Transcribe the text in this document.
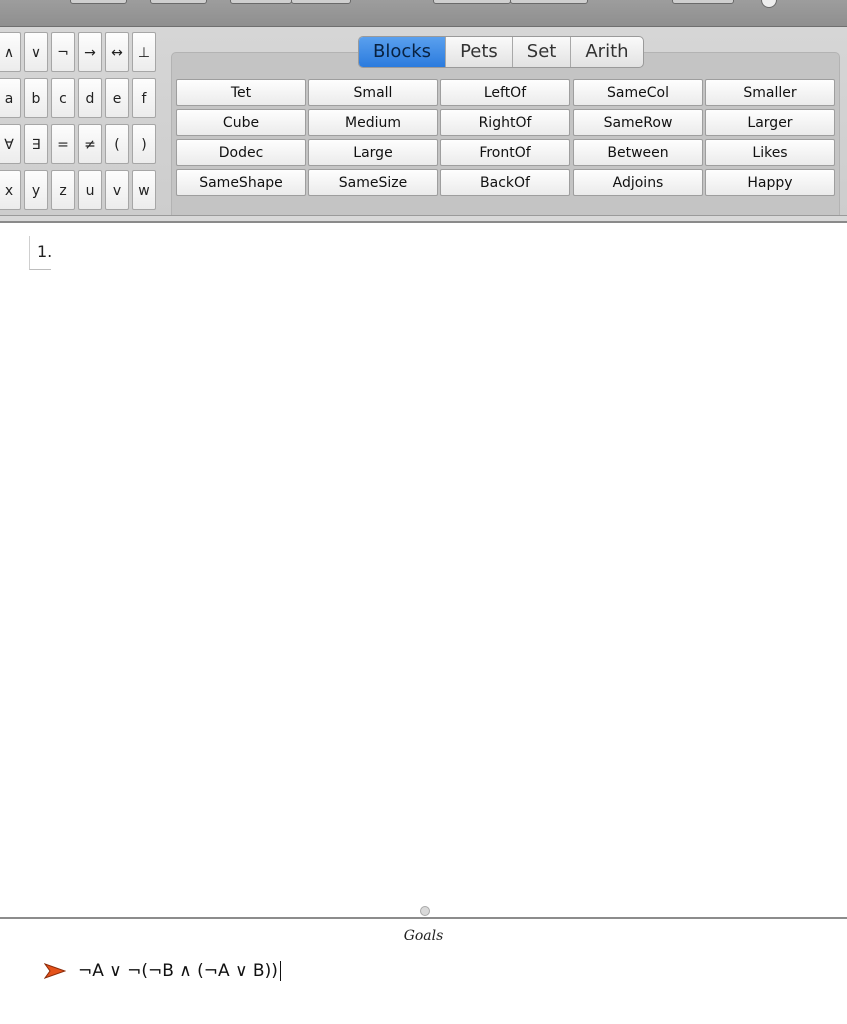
∧	∨	¬	→	↔	⊥
a	b	c	d	e	f
∀	∃	=	≠	(	)
x	y	z	u	v	w
Blocks	Pets	Set	Arith
Tet	Small	LeftOf	SameCol	Smaller
Cube	Medium	RightOf	SameRow	Larger
Dodec	Large	FrontOf	Between	Likes
SameShape	SameSize	BackOf	Adjoins	Happy
1.
Goals
¬A ∨ ¬(¬B ∧ (¬A ∨ B))
